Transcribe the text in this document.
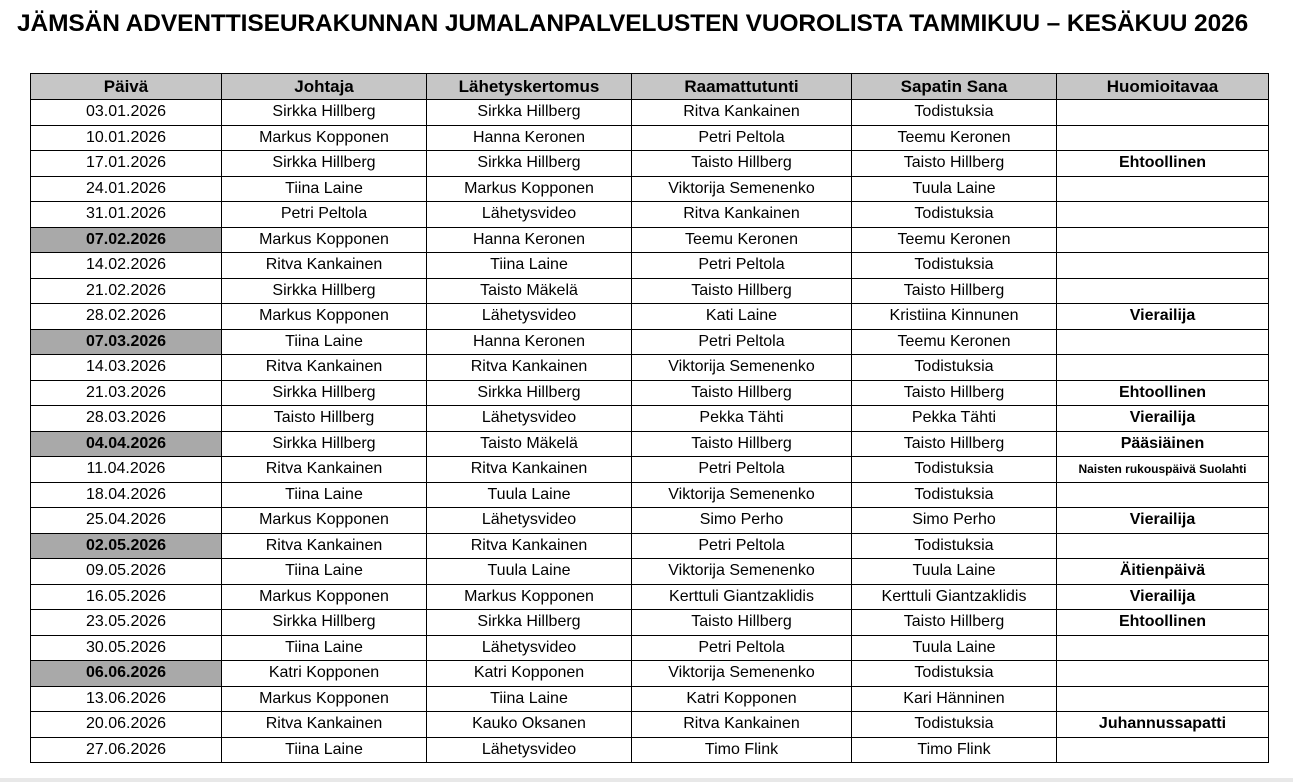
JÄMSÄN ADVENTTISEURAKUNNAN JUMALANPALVELUSTEN VUOROLISTA TAMMIKUU – KESÄKUU 2026
Päivä	Johtaja	Lähetyskertomus	Raamattutunti	Sapatin Sana	Huomioitavaa
03.01.2026	Sirkka Hillberg	Sirkka Hillberg	Ritva Kankainen	Todistuksia	
10.01.2026	Markus Kopponen	Hanna Keronen	Petri Peltola	Teemu Keronen	
17.01.2026	Sirkka Hillberg	Sirkka Hillberg	Taisto Hillberg	Taisto Hillberg	Ehtoollinen
24.01.2026	Tiina Laine	Markus Kopponen	Viktorija Semenenko	Tuula Laine	
31.01.2026	Petri Peltola	Lähetysvideo	Ritva Kankainen	Todistuksia	
07.02.2026	Markus Kopponen	Hanna Keronen	Teemu Keronen	Teemu Keronen	
14.02.2026	Ritva Kankainen	Tiina Laine	Petri Peltola	Todistuksia	
21.02.2026	Sirkka Hillberg	Taisto Mäkelä	Taisto Hillberg	Taisto Hillberg	
28.02.2026	Markus Kopponen	Lähetysvideo	Kati Laine	Kristiina Kinnunen	Vierailija
07.03.2026	Tiina Laine	Hanna Keronen	Petri Peltola	Teemu Keronen	
14.03.2026	Ritva Kankainen	Ritva Kankainen	Viktorija Semenenko	Todistuksia	
21.03.2026	Sirkka Hillberg	Sirkka Hillberg	Taisto Hillberg	Taisto Hillberg	Ehtoollinen
28.03.2026	Taisto Hillberg	Lähetysvideo	Pekka Tähti	Pekka Tähti	Vierailija
04.04.2026	Sirkka Hillberg	Taisto Mäkelä	Taisto Hillberg	Taisto Hillberg	Pääsiäinen
11.04.2026	Ritva Kankainen	Ritva Kankainen	Petri Peltola	Todistuksia	Naisten rukouspäivä Suolahti
18.04.2026	Tiina Laine	Tuula Laine	Viktorija Semenenko	Todistuksia	
25.04.2026	Markus Kopponen	Lähetysvideo	Simo Perho	Simo Perho	Vierailija
02.05.2026	Ritva Kankainen	Ritva Kankainen	Petri Peltola	Todistuksia	
09.05.2026	Tiina Laine	Tuula Laine	Viktorija Semenenko	Tuula Laine	Äitienpäivä
16.05.2026	Markus Kopponen	Markus Kopponen	Kerttuli Giantzaklidis	Kerttuli Giantzaklidis	Vierailija
23.05.2026	Sirkka Hillberg	Sirkka Hillberg	Taisto Hillberg	Taisto Hillberg	Ehtoollinen
30.05.2026	Tiina Laine	Lähetysvideo	Petri Peltola	Tuula Laine	
06.06.2026	Katri Kopponen	Katri Kopponen	Viktorija Semenenko	Todistuksia	
13.06.2026	Markus Kopponen	Tiina Laine	Katri Kopponen	Kari Hänninen	
20.06.2026	Ritva Kankainen	Kauko Oksanen	Ritva Kankainen	Todistuksia	Juhannussapatti
27.06.2026	Tiina Laine	Lähetysvideo	Timo Flink	Timo Flink	
